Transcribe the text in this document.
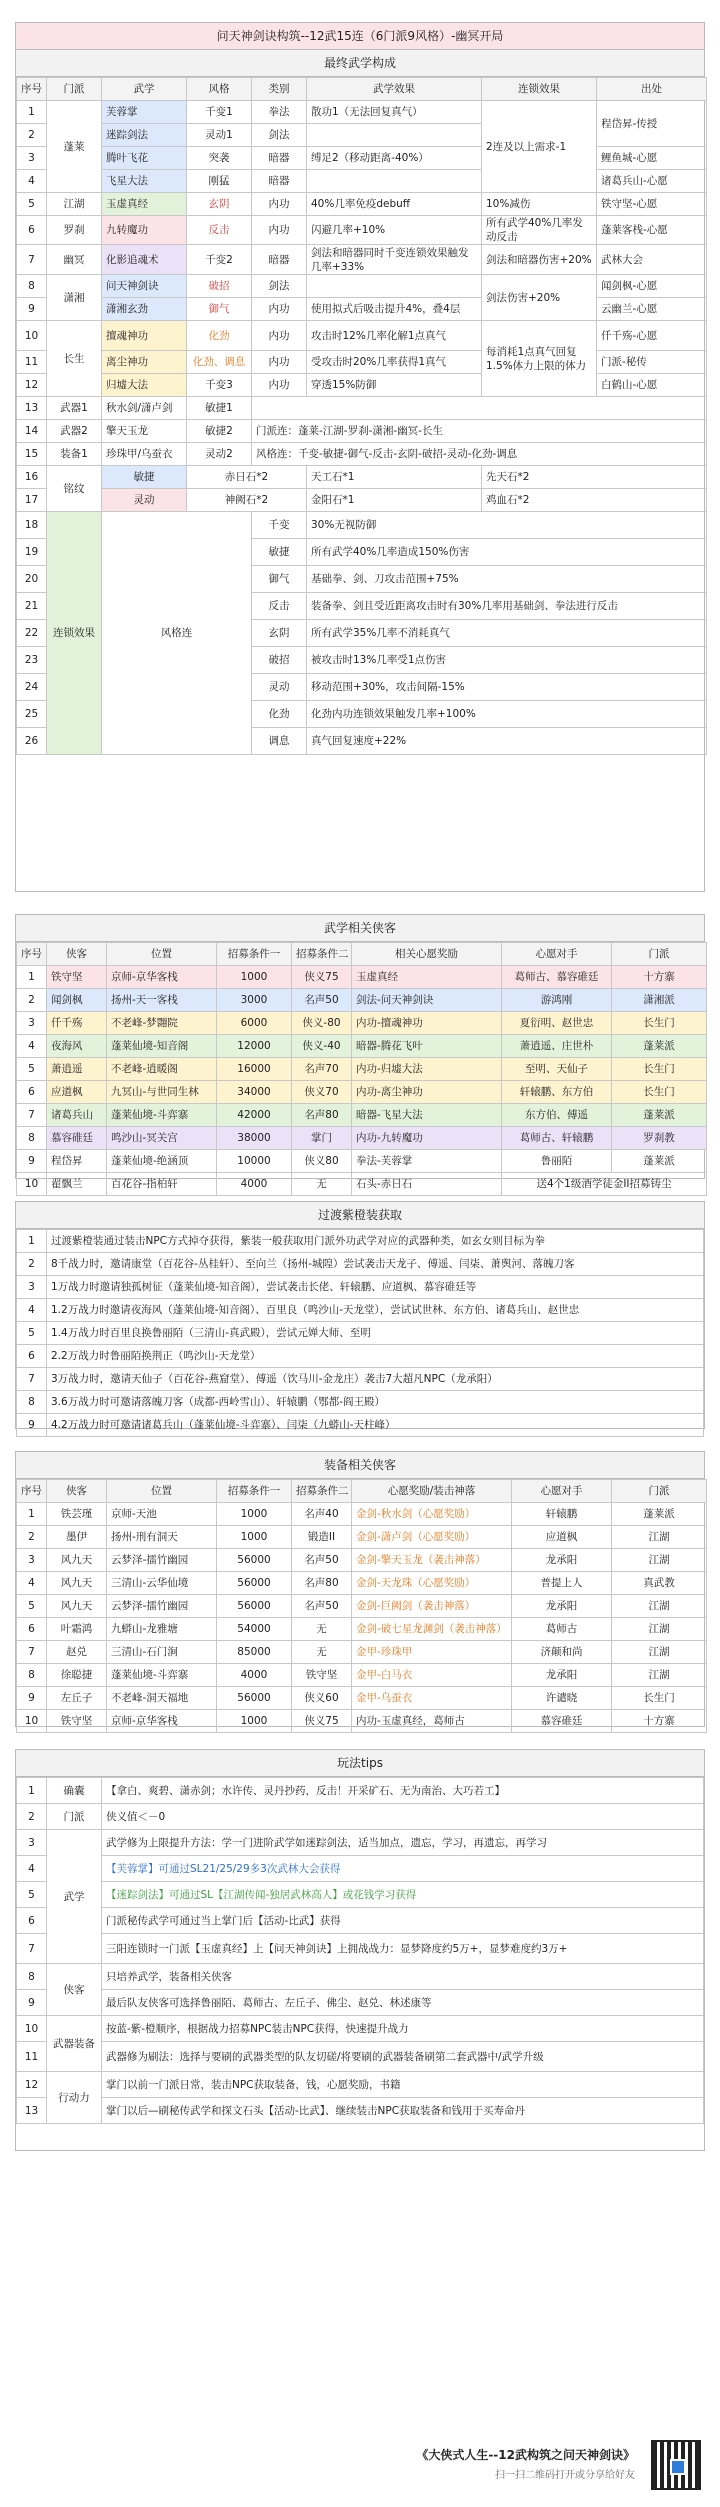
问天神剑诀构筑--12武15连（6门派9风格）-幽冥开局
最终武学构成
序号	门派	武学	风格	类别	武学效果	连锁效果	出处
1	蓬莱	芙蓉掌	千变1	拳法	散功1（无法回复真气）	2连及以上需求-1	程岱昇-传授
2		迷踪剑法	灵动1	剑法			
3		腾叶飞花	突袭	暗器	缚足2（移动距离-40%）		鲤鱼城-心愿
4		飞星大法	刚猛	暗器			诸葛兵山-心愿
5	江湖	玉虚真经	玄阴	内功	40%几率免疫debuff	10%减伤	铁守坚-心愿
6	罗刹	九转魔功	反击	内功	闪避几率+10%	所有武学40%几率发动反击	蓬莱客栈-心愿
7	幽冥	化影追魂术	千变2	暗器	剑法和暗器同时千变连锁效果触发几率+33%	剑法和暗器伤害+20%	武林大会
8	潇湘	问天神剑诀	破招	剑法		剑法伤害+20%	闻剑枫-心愿
9		潇湘玄劲	御气	内功	使用拟式后吸击提升4%，叠4层		云幽兰-心愿
10	长生	擅魂神功	化劲	内功	攻击时12%几率化解1点真气	每消耗1点真气回复1.5%体力上限的体力	仟千殇-心愿
11		离尘神功	化劲、调息	内功	受攻击时20%几率获得1真气		门派-秘传
12		归墟大法	千变3	内功	穿透15%防御		白鹤山-心愿
13	武器1	秋水剑/潇卢剑	敏捷1				
14	武器2	擎天玉龙	敏捷2	门派连：蓬莱-江湖-罗刹-潇湘-幽冥-长生			
15	装备1	珍珠甲/乌蚕衣	灵动2	风格连：千变-敏捷-御气-反击-玄阴-破招-灵动-化劲-调息			
16	铭纹	敏捷	赤日石*2		天工石*1	先天石*2	
17		灵动	神阙石*2		金阳石*1	鸡血石*2	
18	连锁效果	风格连		千变	30%无视防御		
19				敏捷	所有武学40%几率造成150%伤害		
20				御气	基础拳、剑、刀攻击范围+75%		
21				反击	装备拳、剑且受近距离攻击时有30%几率用基础剑、拳法进行反击		
22				玄阴	所有武学35%几率不消耗真气		
23				破招	被攻击时13%几率受1点伤害		
24				灵动	移动范围+30%，攻击间隔-15%		
25				化劲	化劲内功连锁效果触发几率+100%		
26				调息	真气回复速度+22%		
武学相关侠客
序号	侠客	位置	招募条件一	招募条件二	相关心愿奖励	心愿对手	门派
1	铁守坚	京师-京华客栈	1000	侠义75	玉虚真经	葛师古、慕容碓廷	十方寨
2	闻剑枫	扬州-天一客栈	3000	名声50	剑法-问天神剑诀	游鸿刚	潇湘派
3	仟千殇	不老峰-梦翾院	6000	侠义-80	内功-擅魂神功	夏衍明、赵世忠	长生门
4	夜海风	蓬莱仙境-知音阁	12000	侠义-40	暗器-腾花飞叶	萧逍遥、庄世朴	蓬莱派
5	萧逍遥	不老峰-逍暖阁	16000	名声70	内功-归墟大法	至明、天仙子	长生门
6	应道枫	九冥山-与世同生林	34000	侠义70	内功-离尘神功	轩辕鹏、东方伯	长生门
7	诸葛兵山	蓬莱仙境-斗弈寨	42000	名声80	暗器-飞星大法	东方伯、傅遥	蓬莱派
8	慕容碓廷	鸣沙山-冥关宫	38000	掌门	内功-九转魔功	葛师古、轩辕鹏	罗刹教
9	程岱昇	蓬莱仙境-绝涵顶	10000	侠义80	拳法-芙蓉掌	鲁丽陌	蓬莱派
10	翟飘兰	百花谷-指柏轩	4000	无	石头-赤日石	送4个1级酒学徒金II招募铸尘	
过渡紫橙装获取
1	过渡紫橙装通过装击NPC方式掉夺获得，紫装一般获取用门派外功武学对应的武器种类，如玄女则目标为拳
2	8千战力时，邀请康堂（百花谷-丛桂轩）、至向兰（扬州-城隍）尝试袭击天龙子、傅遥、闫柒、萧舆河、落魄刀客
3	1万战力时邀请独孤树征（蓬莱仙境-知音阁），尝试袭击长佬、轩辕鹏、应道枫、慕容碓廷等
4	1.2万战力时邀请夜海风（蓬莱仙境-知音阁）、百里良（鸣沙山-天龙堂），尝试试世林、东方伯、诸葛兵山、赵世忠
5	1.4万战力时百里良换鲁丽陌（三清山-真武殿），尝试元婵大师、至明
6	2.2万战力时鲁丽陌换荆正（鸣沙山-天龙堂）
7	3万战力时，邀请天仙子（百花谷-燕窟堂）、傅遥（饮马川-金龙庄）袭击7大超凡NPC（龙承阳）
8	3.6万战力时可邀请落魄刀客（成都-西岭雪山）、轩辕鹏（鄂都-阎王殿）
9	4.2万战力时可邀请诸葛兵山（蓬莱仙境-斗弈寨）、闫柒（九蟒山-天柱峰）
装备相关侠客
序号	侠客	位置	招募条件一	招募条件二	心愿奖励/装击神落	心愿对手	门派
1	铁芸瑾	京师-天池	1000	名声40	金剑-秋水剑（心愿奖励）	轩辕鹏	蓬莱派
2	墨伊	扬州-刑有洞天	1000	锻造II	金剑-潇卢剑（心愿奖励）	应道枫	江湖
3	风九天	云梦泽-擂竹幽园	56000	名声50	金剑-擎天玉龙（袭击神落）	龙承阳	江湖
4	风九天	三清山-云华仙境	56000	名声80	金剑-天龙珠（心愿奖励）	普提上人	真武教
5	风九天	云梦泽-擂竹幽园	56000	名声50	金剑-巨阙剑（袭击神落）	龙承阳	江湖
6	叶霜鸿	九蟒山-龙雅塘	54000	无	金剑-破七星龙渊剑（袭击神落）	葛师古	江湖
7	赵兑	三清山-石门涧	85000	无	金甲-珍珠甲	济颠和尚	江湖
8	徐聪捷	蓬莱仙境-斗弈寨	4000	铁守坚	金甲-白马衣	龙承阳	江湖
9	左丘子	不老峰-洞天福地	56000	侠义60	金甲-乌蚕衣	许谴晓	长生门
10	铁守坚	京师-京华客栈	1000	侠义75	内功-玉虚真经，葛师古	慕容碓廷	十方寨
玩法tips
1	确囊	【拿白、爽碧、潇赤剑；水许传、灵丹抄药，反击！开采矿石、无为南治、大巧若工】
2	门派	侠义值＜－0
3	武学	武学修为上限提升方法：学一门进阶武学如迷踪剑法，适当加点，遗忘，学习，再遗忘，再学习
4		【芙蓉掌】可通过SL21/25/29多3次武林大会获得
5		【迷踪剑法】可通过SL【江湖传闻-独居武林高人】或花钱学习获得
6		门派秘传武学可通过当上掌门后【活动-比武】获得
7		三阳连锁时一门派【玉虚真经】上【问天神剑诀】上拥战战力：显梦降度约5万+，显梦难度约3万+
8	侠客	只培养武学，装备相关侠客
9		最后队友侠客可选择鲁丽陌、葛师古、左丘子、佛尘、赵兑、林述康等
10	武器装备	按蓝-紫-橙顺序，根据战力招募NPC装击NPC获得，快速提升战力
11		武器修为刷法：选择与要刷的武器类型的队友切磋/将要刷的武器装备刷第二套武器中/武学升级
12	行动力	掌门以前一门派日常，装击NPC获取装备，钱，心愿奖励，书籍
13		掌门以后—刷秘传武学和探文石头【活动-比武】、继续装击NPC获取装备和钱用于买寿命丹
《大侠式人生--12武构筑之问天神剑诀》
扫一扫二维码打开或分享给好友
